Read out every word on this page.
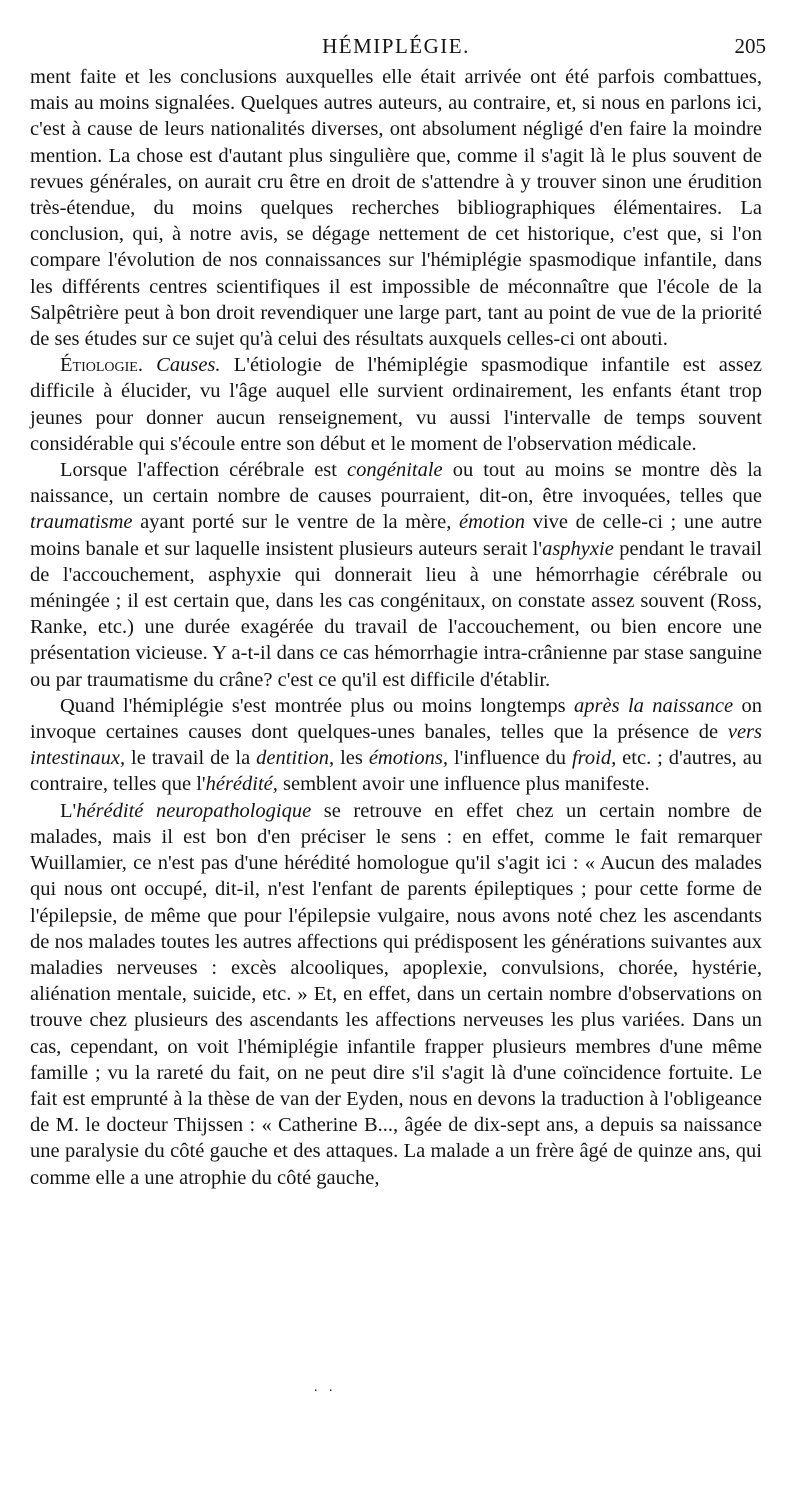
HÉMIPLÉGIE.	205

ment faite et les conclusions auxquelles elle était arrivée ont été parfois combattues, mais au moins signalées. Quelques autres auteurs, au contraire, et, si nous en parlons ici, c'est à cause de leurs nationalités diverses, ont absolument négligé d'en faire la moindre mention. La chose est d'autant plus singulière que, comme il s'agit là le plus souvent de revues générales, on aurait cru être en droit de s'attendre à y trouver sinon une érudition très-étendue, du moins quelques recherches bibliographiques élémentaires. La conclusion, qui, à notre avis, se dégage nettement de cet historique, c'est que, si l'on compare l'évolution de nos connaissances sur l'hémiplégie spasmodique infantile, dans les différents centres scientifiques il est impossible de méconnaître que l'école de la Salpêtrière peut à bon droit revendiquer une large part, tant au point de vue de la priorité de ses études sur ce sujet qu'à celui des résultats auxquels celles-ci ont abouti.

Étiologie. Causes. L'étiologie de l'hémiplégie spasmodique infantile est assez difficile à élucider, vu l'âge auquel elle survient ordinairement, les enfants étant trop jeunes pour donner aucun renseignement, vu aussi l'intervalle de temps souvent considérable qui s'écoule entre son début et le moment de l'observation médicale.

Lorsque l'affection cérébrale est congénitale ou tout au moins se montre dès la naissance, un certain nombre de causes pourraient, dit-on, être invoquées, telles que traumatisme ayant porté sur le ventre de la mère, émotion vive de celle-ci ; une autre moins banale et sur laquelle insistent plusieurs auteurs serait l'asphyxie pendant le travail de l'accouchement, asphyxie qui donnerait lieu à une hémorrhagie cérébrale ou méningée ; il est certain que, dans les cas congénitaux, on constate assez souvent (Ross, Ranke, etc.) une durée exagérée du travail de l'accouchement, ou bien encore une présentation vicieuse. Y a-t-il dans ce cas hémorrhagie intra-crânienne par stase sanguine ou par traumatisme du crâne? c'est ce qu'il est difficile d'établir.

Quand l'hémiplégie s'est montrée plus ou moins longtemps après la naissance on invoque certaines causes dont quelques-unes banales, telles que la présence de vers intestinaux, le travail de la dentition, les émotions, l'influence du froid, etc. ; d'autres, au contraire, telles que l'hérédité, semblent avoir une influence plus manifeste.

L'hérédité neuropathologique se retrouve en effet chez un certain nombre de malades, mais il est bon d'en préciser le sens : en effet, comme le fait remarquer Wuillamier, ce n'est pas d'une hérédité homologue qu'il s'agit ici : « Aucun des malades qui nous ont occupé, dit-il, n'est l'enfant de parents épileptiques ; pour cette forme de l'épilepsie, de même que pour l'épilepsie vulgaire, nous avons noté chez les ascendants de nos malades toutes les autres affections qui prédisposent les générations suivantes aux maladies nerveuses : excès alcooliques, apoplexie, convulsions, chorée, hystérie, aliénation mentale, suicide, etc. » Et, en effet, dans un certain nombre d'observations on trouve chez plusieurs des ascendants les affections nerveuses les plus variées. Dans un cas, cependant, on voit l'hémiplégie infantile frapper plusieurs membres d'une même famille ; vu la rareté du fait, on ne peut dire s'il s'agit là d'une coïncidence fortuite. Le fait est emprunté à la thèse de van der Eyden, nous en devons la traduction à l'obligeance de M. le docteur Thijssen : « Catherine B..., âgée de dix-sept ans, a depuis sa naissance une paralysie du côté gauche et des attaques. La malade a un frère âgé de quinze ans, qui comme elle a une atrophie du côté gauche,

. .
